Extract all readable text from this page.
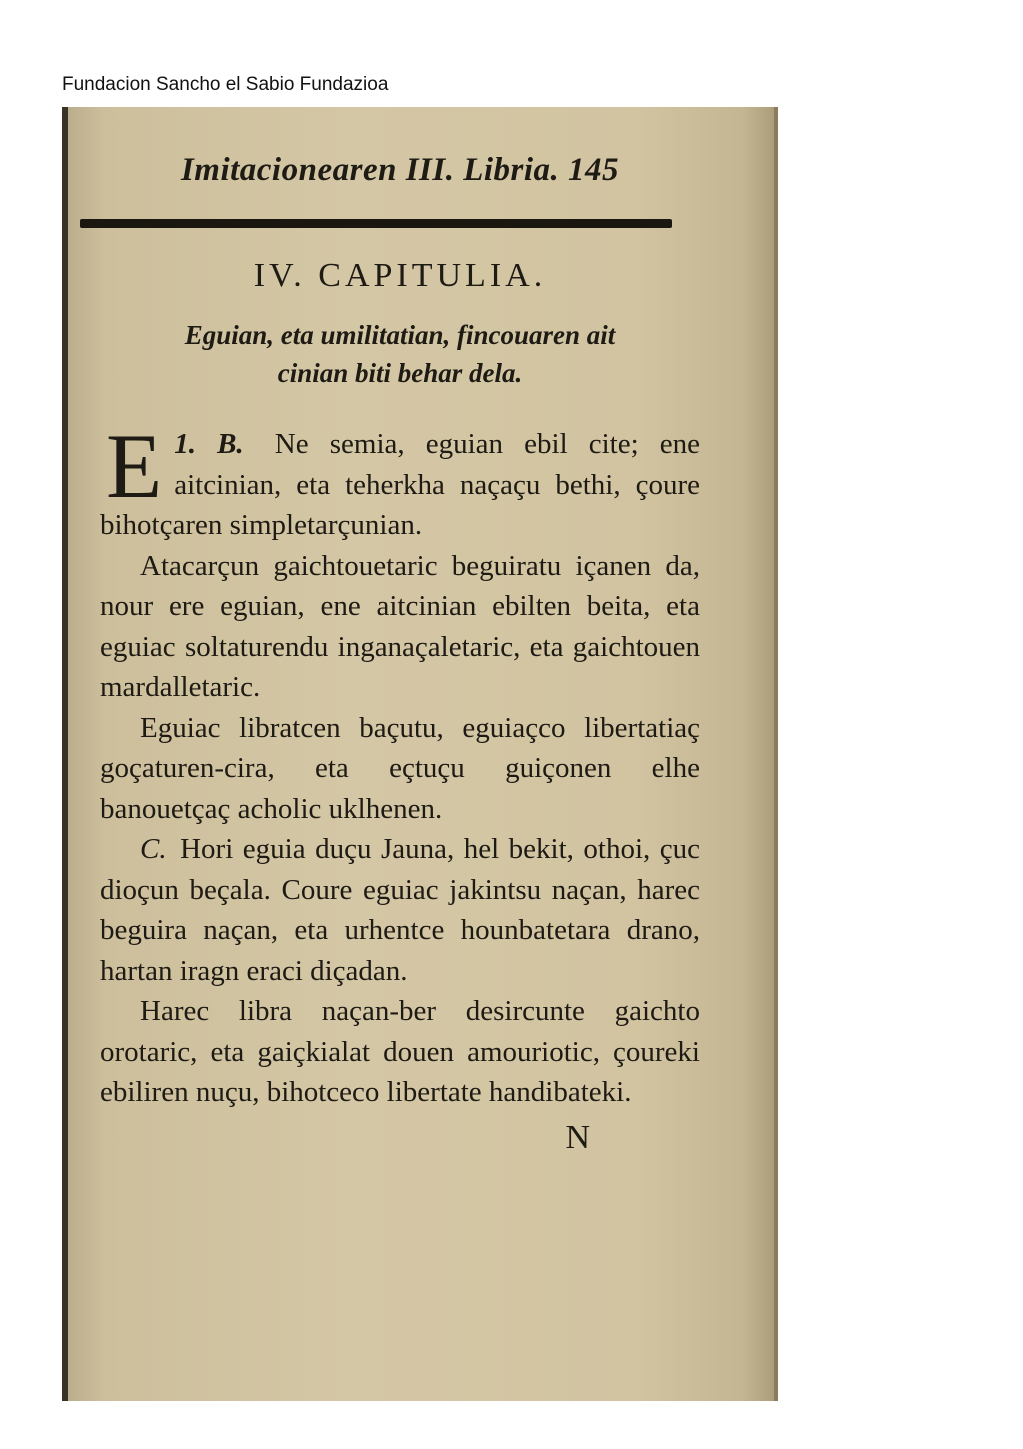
Fundacion Sancho el Sabio Fundazioa
Imitacionearen III. Libria. 145
IV. CAPITULIA.
Eguian, eta umilitatian, fincouaren ait
cinian biti behar dela.

1. B.
E	Ne semia, eguian ebil cite; ene aitcinian, eta teherkha naçaçu bethi, çoure bihotçaren simpletarçunian.

Atacarçun gaichtouetaric beguiratu içanen da, nour ere eguian, ene aitcinian ebilten beita, eta eguiac soltaturendu inganaçaletaric, eta gaichtouen mardalletaric.

Eguiac libratcen baçutu, eguiaçco libertatiaç goçaturen-cira, eta eçtuçu guiçonen elhe banouetçaç acholic uklhenen.

C. Hori eguia duçu Jauna, hel bekit, othoi, çuc dioçun beçala. Coure eguiac jakintsu naçan, harec beguira naçan, eta urhentce hounbatetara drano, hartan iragn eraci diçadan.

Harec libra naçan-ber desircunte gaichto orotaric, eta gaiçkialat douen amouriotic, çoureki ebiliren nuçu, bihotceco libertate handibateki.

N
